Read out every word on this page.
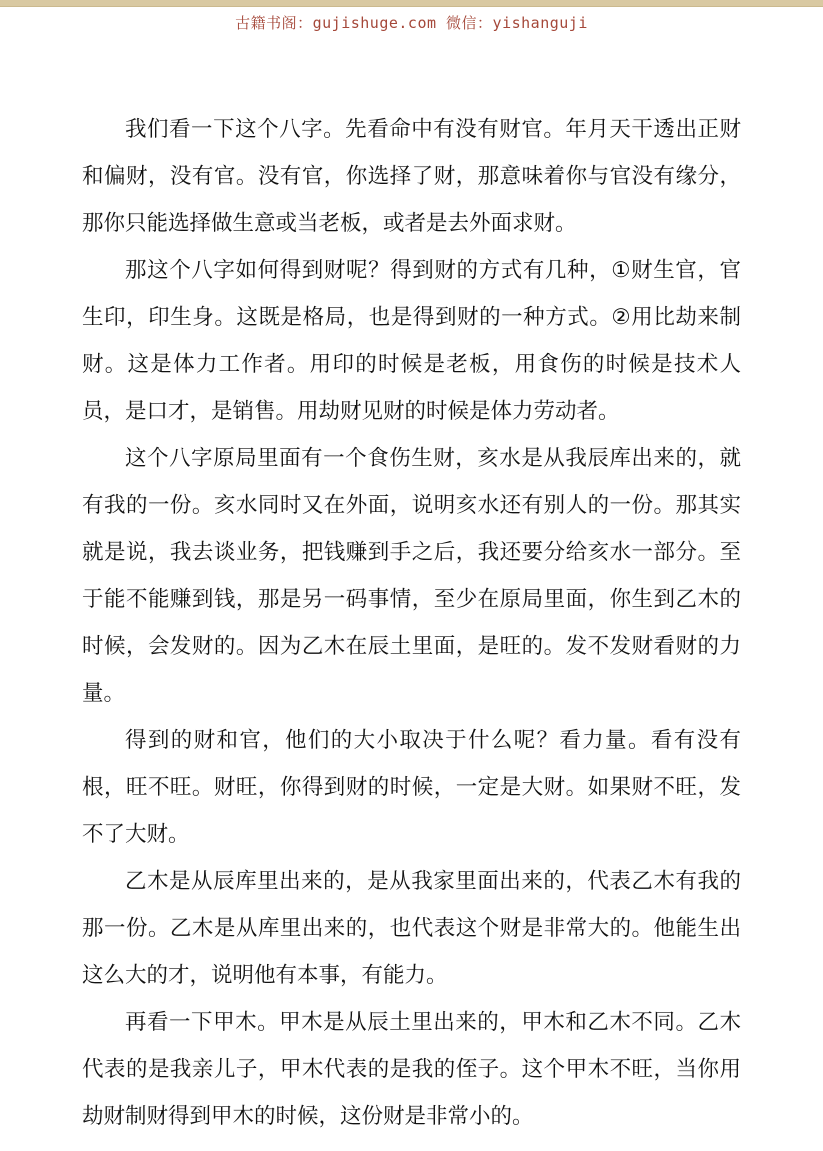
古籍书阁：gujishuge.com 微信：yishanguji

我们看一下这个八字。先看命中有没有财官。年月天干透出正财和偏财，没有官。没有官，你选择了财，那意味着你与官没有缘分，那你只能选择做生意或当老板，或者是去外面求财。

那这个八字如何得到财呢？得到财的方式有几种，①财生官，官生印，印生身。这既是格局，也是得到财的一种方式。②用比劫来制财。这是体力工作者。用印的时候是老板，用食伤的时候是技术人员，是口才，是销售。用劫财见财的时候是体力劳动者。

这个八字原局里面有一个食伤生财，亥水是从我辰库出来的，就有我的一份。亥水同时又在外面，说明亥水还有别人的一份。那其实就是说，我去谈业务，把钱赚到手之后，我还要分给亥水一部分。至于能不能赚到钱，那是另一码事情，至少在原局里面，你生到乙木的时候，会发财的。因为乙木在辰土里面，是旺的。发不发财看财的力量。

得到的财和官，他们的大小取决于什么呢？看力量。看有没有根，旺不旺。财旺，你得到财的时候，一定是大财。如果财不旺，发不了大财。

乙木是从辰库里出来的，是从我家里面出来的，代表乙木有我的那一份。乙木是从库里出来的，也代表这个财是非常大的。他能生出这么大的才，说明他有本事，有能力。

再看一下甲木。甲木是从辰土里出来的，甲木和乙木不同。乙木代表的是我亲儿子，甲木代表的是我的侄子。这个甲木不旺，当你用劫财制财得到甲木的时候，这份财是非常小的。
